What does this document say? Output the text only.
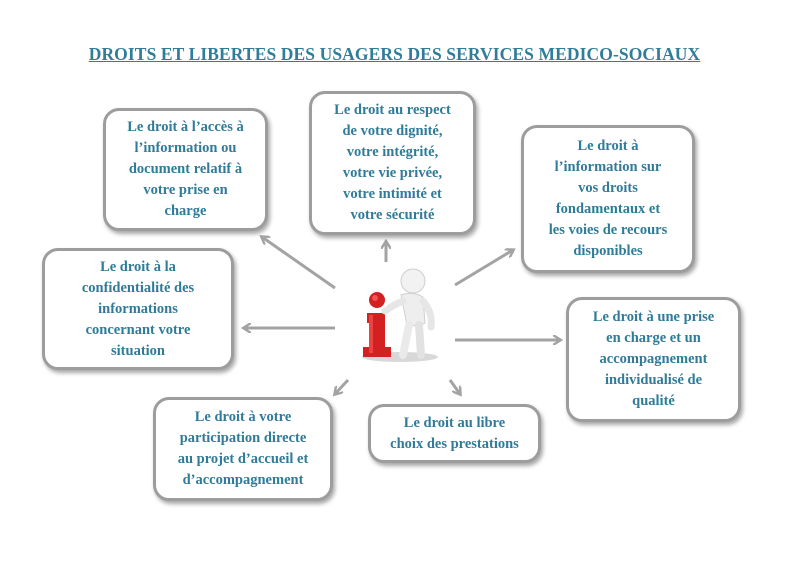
DROITS ET LIBERTES DES USAGERS DES SERVICES MEDICO-SOCIAUX
Le droit à l’accès à
l’information ou
document relatif à
votre prise en
charge
Le droit au respect
de votre dignité,
votre intégrité,
votre vie privée,
votre intimité et
votre sécurité
Le droit à
l’information sur
vos droits
fondamentaux et
les voies de recours
disponibles
Le droit à la
confidentialité des
informations
concernant votre
situation
Le droit à une prise
en charge et un
accompagnement
individualisé de
qualité
Le droit à votre
participation directe
au projet d’accueil et
d’accompagnement
Le droit au libre
choix des prestations
